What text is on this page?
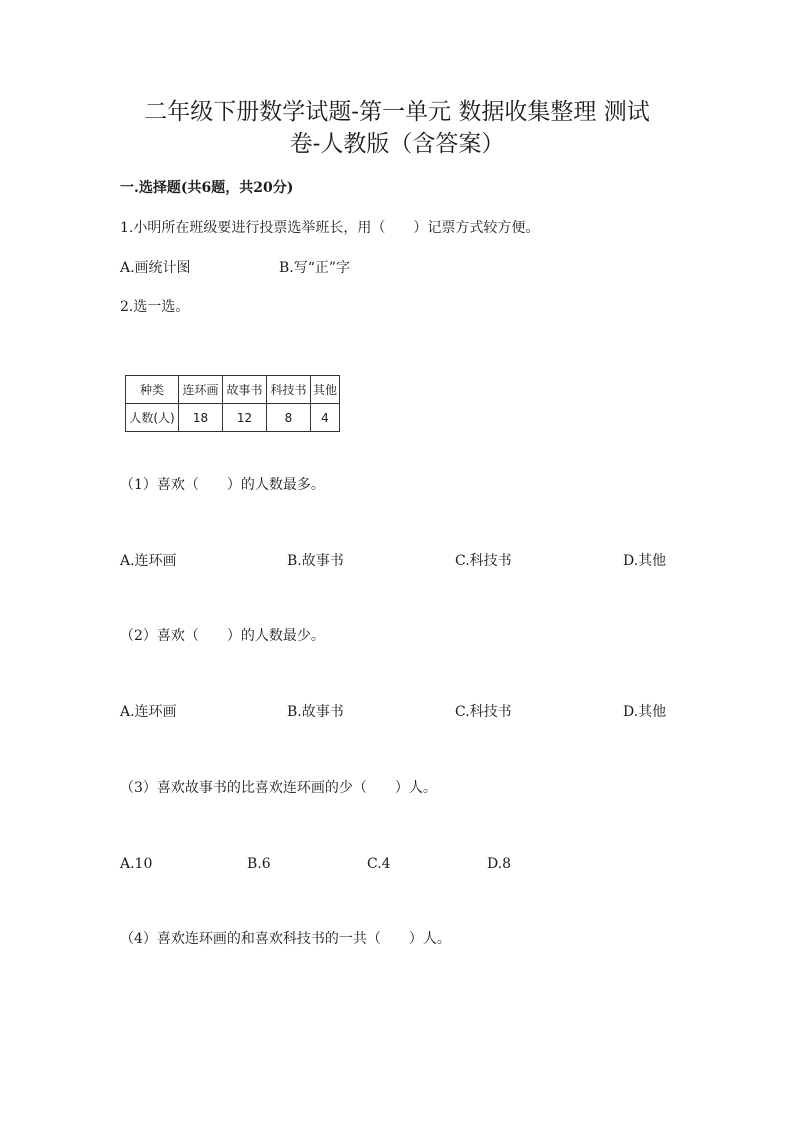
二年级下册数学试题-第一单元 数据收集整理 测试
卷-人教版（含答案）
一.选择题(共6题，共20分)
1.小明所在班级要进行投票选举班长，用（　　）记票方式较方便。
A.画统计图	B.写“正”字
2.选一选。
种类	连环画	故事书	科技书	其他
人数(人)	18	12	8	4
（1）喜欢（　　）的人数最多。
A.连环画	B.故事书	C.科技书	D.其他
（2）喜欢（　　）的人数最少。
A.连环画	B.故事书	C.科技书	D.其他
（3）喜欢故事书的比喜欢连环画的少（　　）人。
A.10	B.6	C.4	D.8
（4）喜欢连环画的和喜欢科技书的一共（　　）人。
